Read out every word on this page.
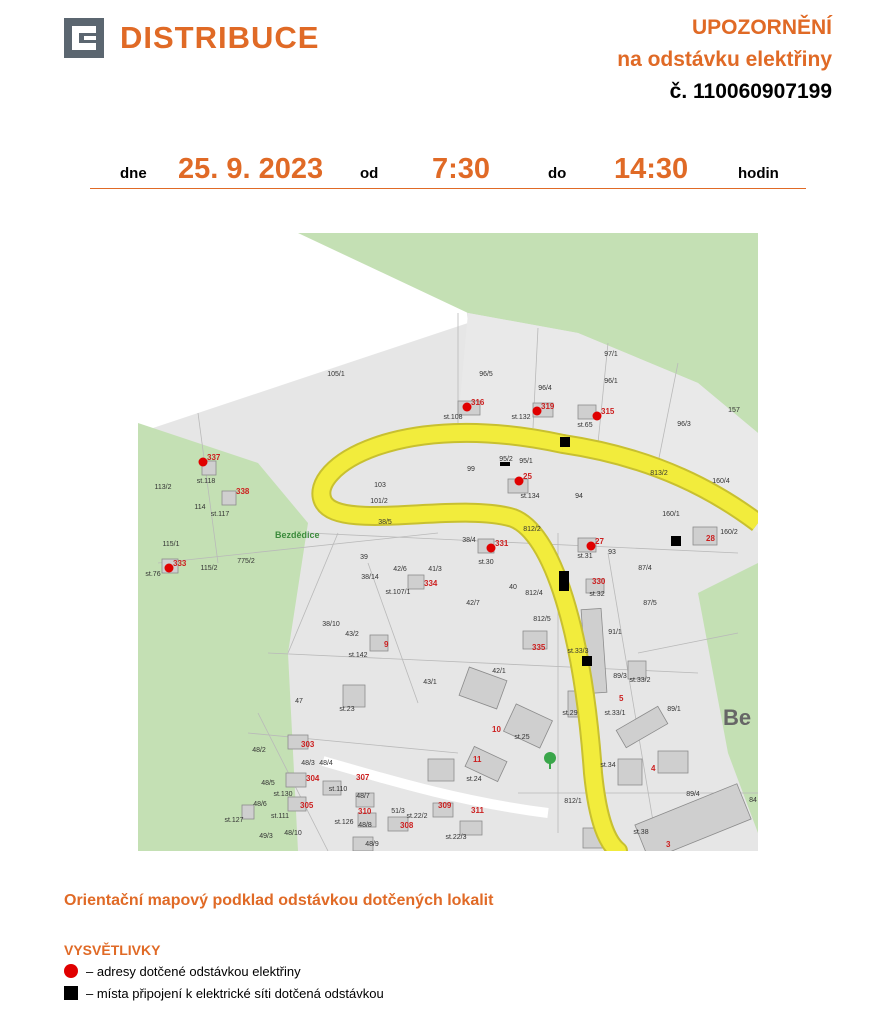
DISTRIBUCE	UPOZORNĚNÍ
na odstávku elektřiny
č. 110060907199
dne 25. 9. 2023 od 7:30	do 14:30	hodin
Bezdědice
Be
105/1	96/5
97/1
96/4
96/1
157
st.108	st.132
st.65	96/3
99
95/2 95/1
813/2
160/4
103
st.134	94
101/2
160/1
113/2
st.118
114
st.117
38/5
812/2	160/2
38/4
st.31
93
115/1
39
42/6	41/3
st.30
775/2
115/2	87/4
st.76	38/14
st.107/1
40
812/4	st.32
42/7	87/5
812/5
91/1
38/10
43/2
st.142
st.33/3
42/1
89/3
st.33/2
43/1
47
st.23
st.29	st.33/1
89/1
st.25
48/2
48/3 48/4	st.34
48/5
st.130
st.110
48/7
st.24
89/4
48/6
st.111
812/1	84
st.127	st.126 48/8
51/3
st.22/2
49/3 48/10
48/9
st.22/3
st.38
316	319
315
337
338
25
27	28
331
333
334	330
9	335
5
10
11
303
304	307
4
305
310
309
311
308
3
Orientační mapový podklad odstávkou dotčených lokalit
VYSVĚTLIVKY
– adresy dotčené odstávkou elektřiny
– místa připojení k elektrické síti dotčená odstávkou
